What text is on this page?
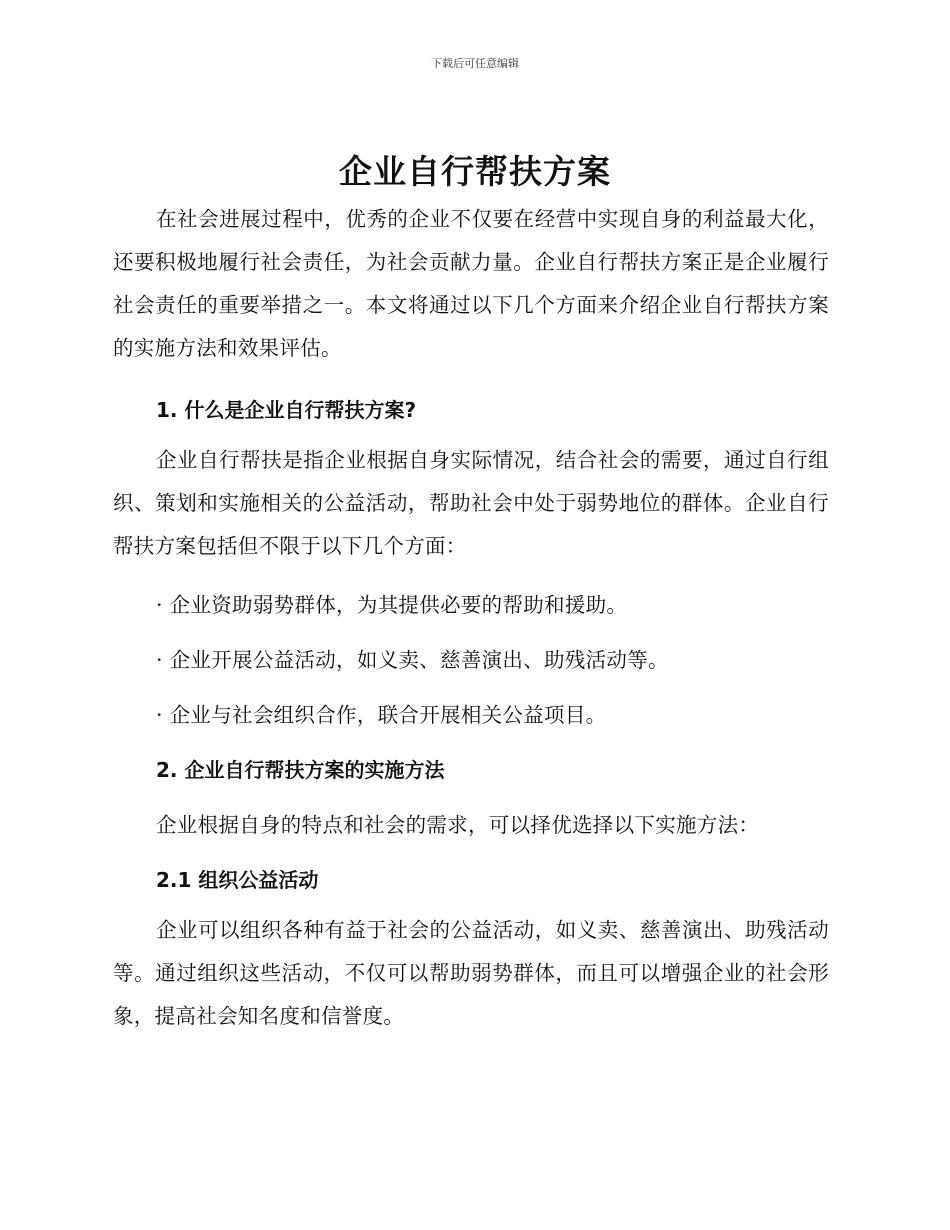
下载后可任意编辑
企业自行帮扶方案

在社会进展过程中，优秀的企业不仅要在经营中实现自身的利益最大化，还要积极地履行社会责任，为社会贡献力量。企业自行帮扶方案正是企业履行社会责任的重要举措之一。本文将通过以下几个方面来介绍企业自行帮扶方案的实施方法和效果评估。

1. 什么是企业自行帮扶方案?

企业自行帮扶是指企业根据自身实际情况，结合社会的需要，通过自行组织、策划和实施相关的公益活动，帮助社会中处于弱势地位的群体。企业自行帮扶方案包括但不限于以下几个方面：

· 企业资助弱势群体，为其提供必要的帮助和援助。

· 企业开展公益活动，如义卖、慈善演出、助残活动等。

· 企业与社会组织合作，联合开展相关公益项目。

2. 企业自行帮扶方案的实施方法

企业根据自身的特点和社会的需求，可以择优选择以下实施方法：

2.1 组织公益活动

企业可以组织各种有益于社会的公益活动，如义卖、慈善演出、助残活动等。通过组织这些活动，不仅可以帮助弱势群体，而且可以增强企业的社会形象，提高社会知名度和信誉度。
